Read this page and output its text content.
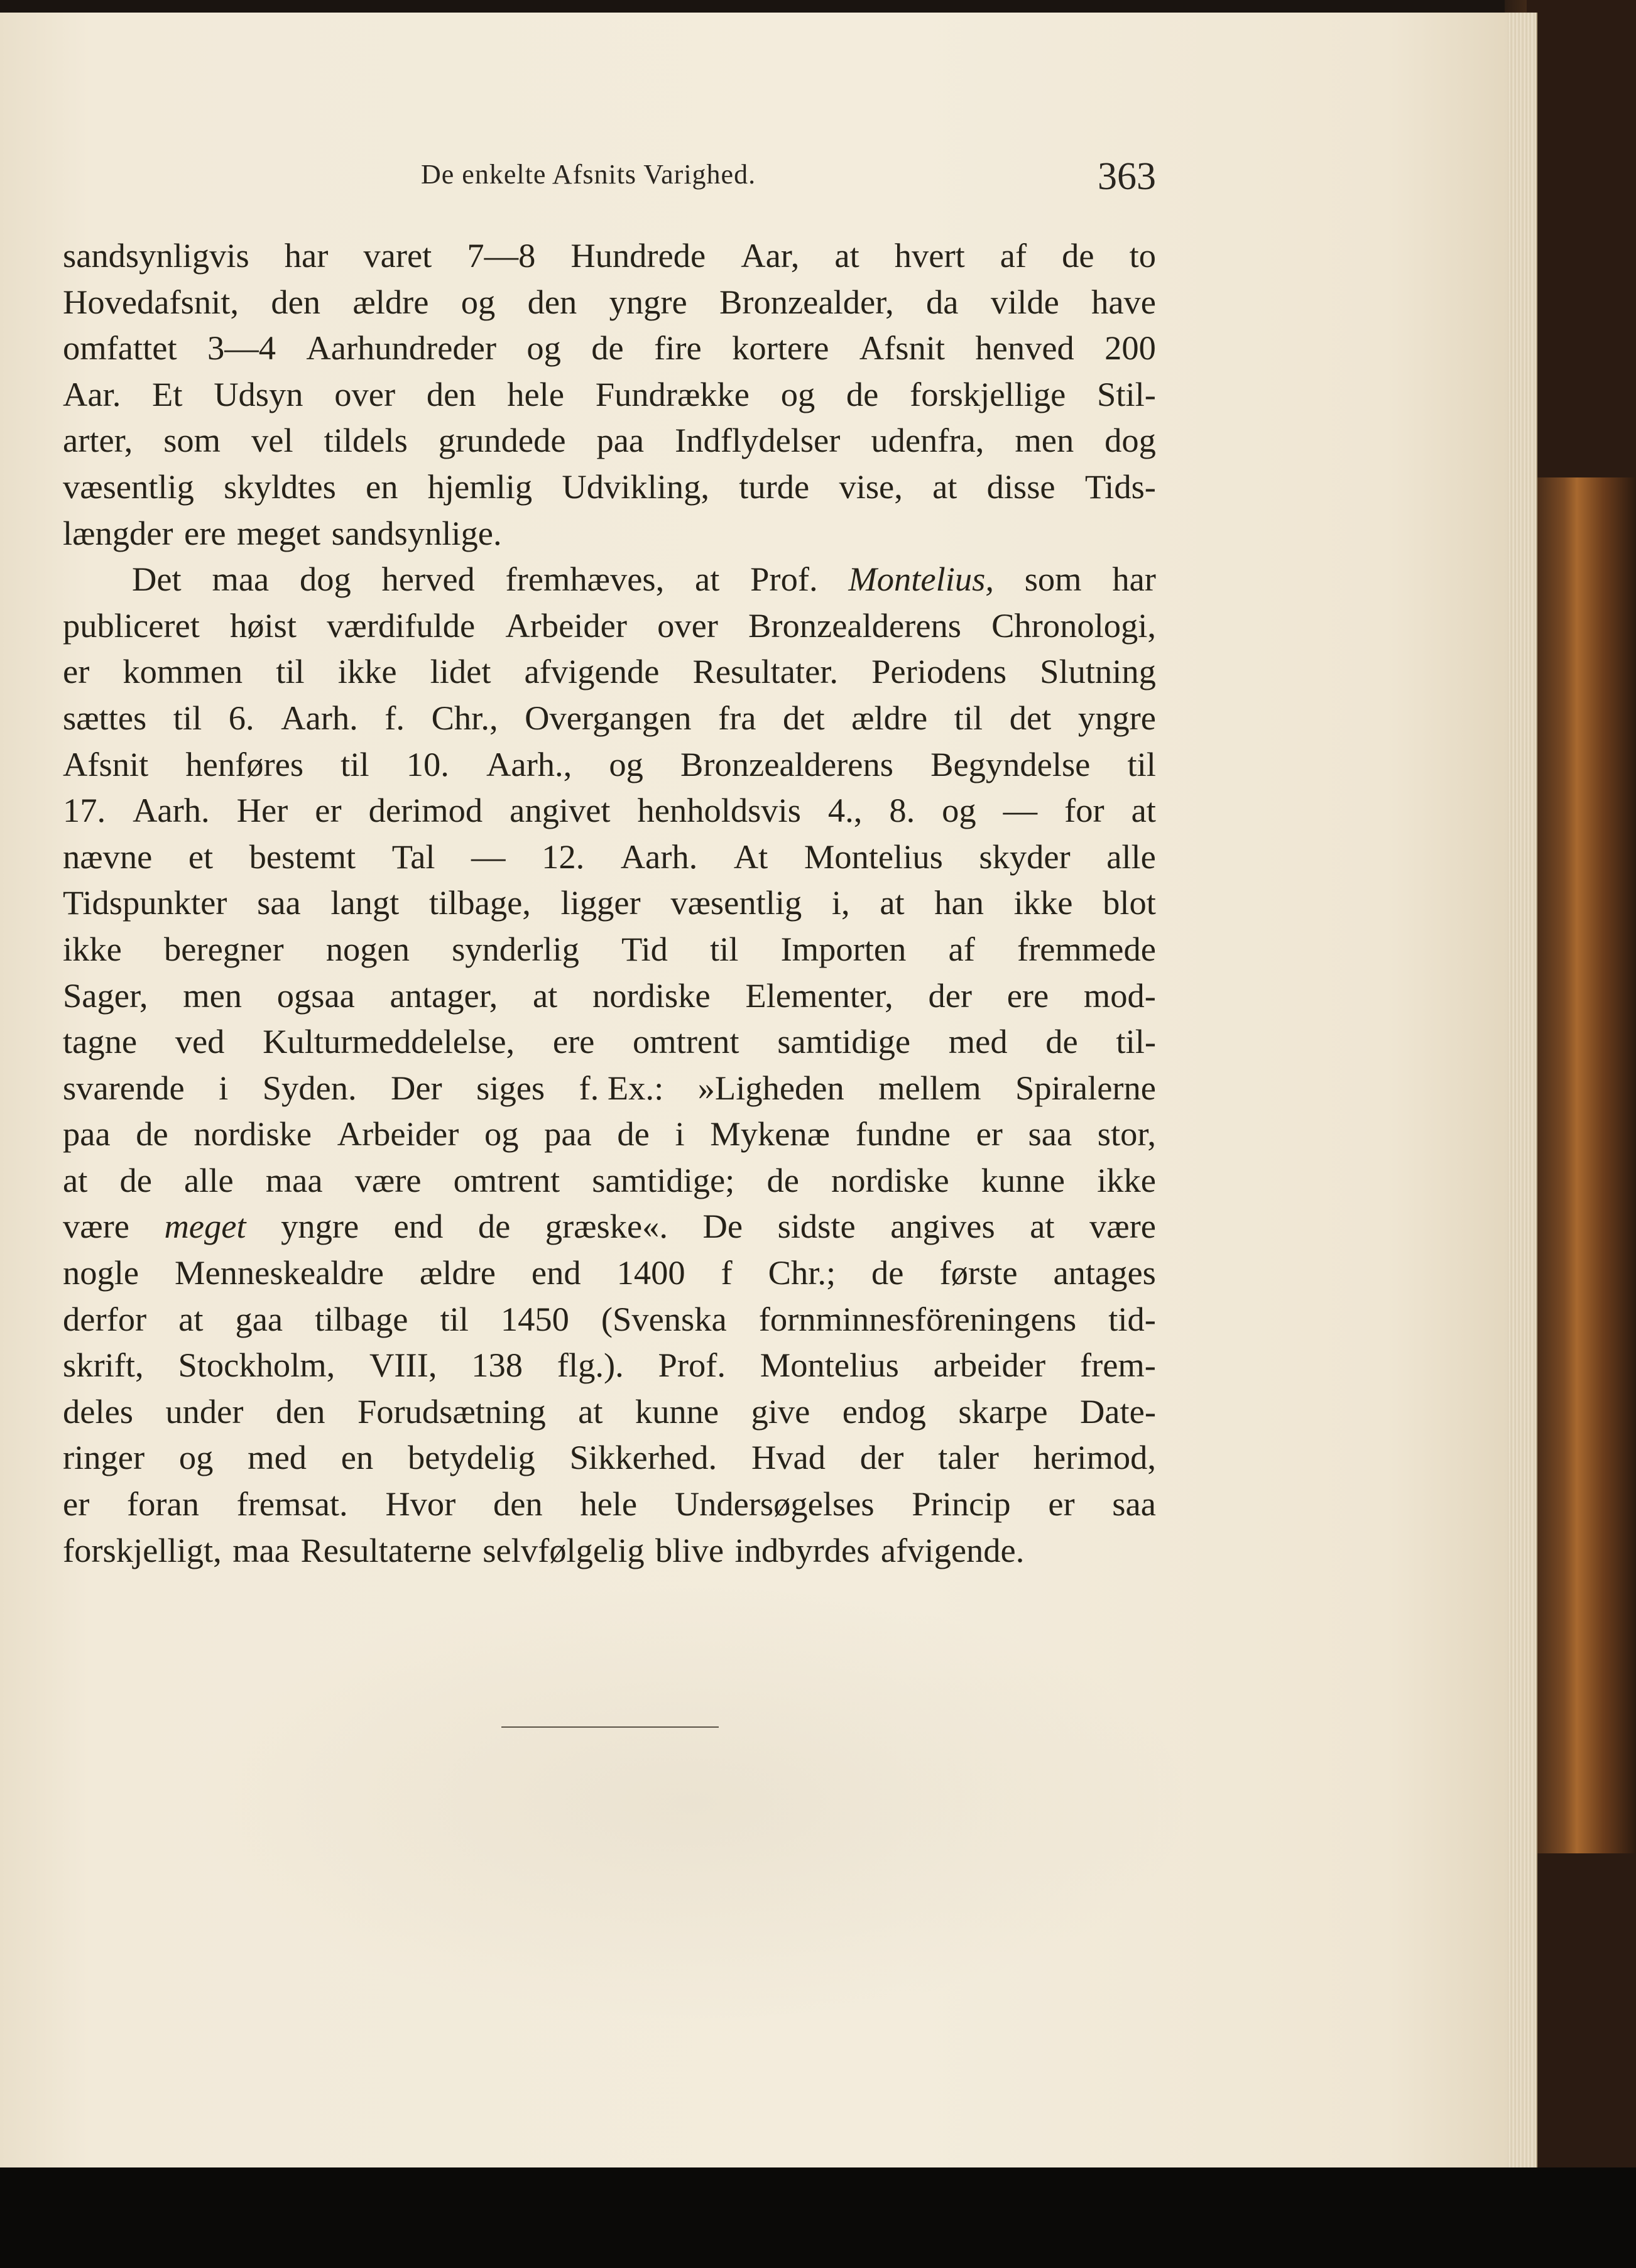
De enkelte Afsnits Varighed.	363
sandsynligvis har varet 7—8 Hundrede Aar, at hvert af de to
Hovedafsnit, den ældre og den yngre Bronzealder, da vilde have
omfattet 3—4 Aarhundreder og de fire kortere Afsnit henved 200
Aar. Et Udsyn over den hele Fundrække og de forskjellige Stil-
arter, som vel tildels grundede paa Indflydelser udenfra, men dog
væsentlig skyldtes en hjemlig Udvikling, turde vise, at disse Tids-
længder ere meget sandsynlige.
Det maa dog herved fremhæves, at Prof. Montelius, som har
publiceret høist værdifulde Arbeider over Bronzealderens Chronologi,
er kommen til ikke lidet afvigende Resultater. Periodens Slutning
sættes til 6. Aarh. f. Chr., Overgangen fra det ældre til det yngre
Afsnit henføres til 10. Aarh., og Bronzealderens Begyndelse til
17. Aarh. Her er derimod angivet henholdsvis 4., 8. og — for at
nævne et bestemt Tal — 12. Aarh. At Montelius skyder alle
Tidspunkter saa langt tilbage, ligger væsentlig i, at han ikke blot
ikke beregner nogen synderlig Tid til Importen af fremmede
Sager, men ogsaa antager, at nordiske Elementer, der ere mod-
tagne ved Kulturmeddelelse, ere omtrent samtidige med de til-
svarende i Syden. Der siges f. Ex.: »Ligheden mellem Spiralerne
paa de nordiske Arbeider og paa de i Mykenæ fundne er saa stor,
at de alle maa være omtrent samtidige; de nordiske kunne ikke
være meget yngre end de græske«. De sidste angives at være
nogle Menneskealdre ældre end 1400 f Chr.; de første antages
derfor at gaa tilbage til 1450 (Svenska fornminnesföreningens tid-
skrift, Stockholm, VIII, 138 flg.). Prof. Montelius arbeider frem-
deles under den Forudsætning at kunne give endog skarpe Date-
ringer og med en betydelig Sikkerhed. Hvad der taler herimod,
er foran fremsat. Hvor den hele Undersøgelses Princip er saa
forskjelligt, maa Resultaterne selvfølgelig blive indbyrdes afvigende.
